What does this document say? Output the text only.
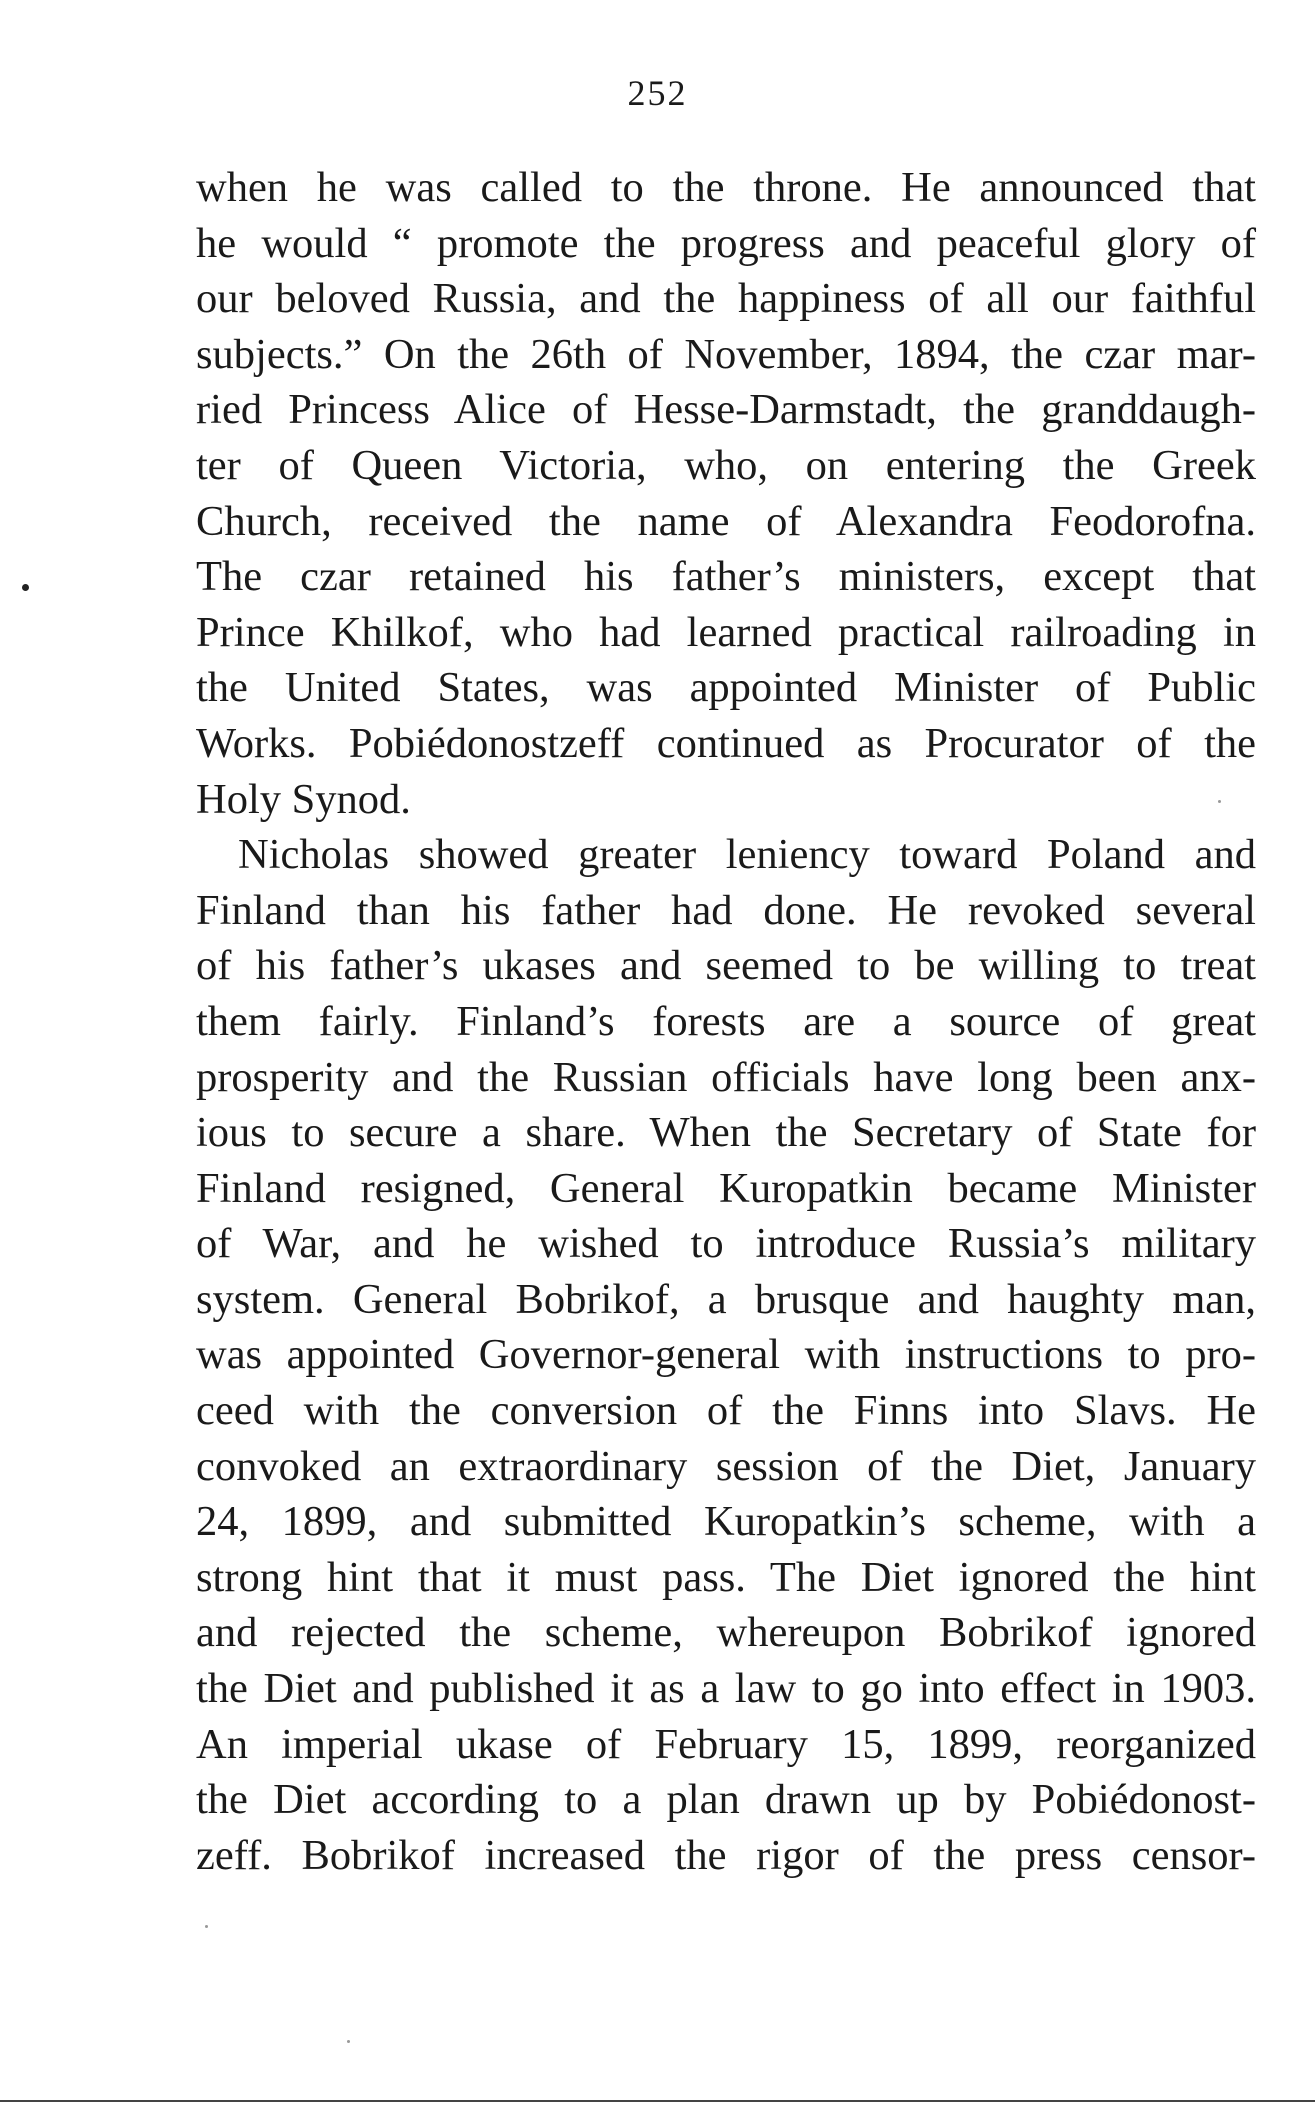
252
when he was called to the throne. He announced that
he would “ promote the progress and peaceful glory of
our beloved Russia, and the happiness of all our faithful
subjects.” On the 26th of November, 1894, the czar mar-
ried Princess Alice of Hesse-Darmstadt, the granddaugh-
ter of Queen Victoria, who, on entering the Greek
Church, received the name of Alexandra Feodorofna.
The czar retained his father’s ministers, except that
Prince Khilkof, who had learned practical railroading in
the United States, was appointed Minister of Public
Works. Pobiédonostzeff continued as Procurator of the
Holy Synod.
Nicholas showed greater leniency toward Poland and
Finland than his father had done. He revoked several
of his father’s ukases and seemed to be willing to treat
them fairly. Finland’s forests are a source of great
prosperity and the Russian officials have long been anx-
ious to secure a share. When the Secretary of State for
Finland resigned, General Kuropatkin became Minister
of War, and he wished to introduce Russia’s military
system. General Bobrikof, a brusque and haughty man,
was appointed Governor-general with instructions to pro-
ceed with the conversion of the Finns into Slavs. He
convoked an extraordinary session of the Diet, January
24, 1899, and submitted Kuropatkin’s scheme, with a
strong hint that it must pass. The Diet ignored the hint
and rejected the scheme, whereupon Bobrikof ignored
the Diet and published it as a law to go into effect in 1903.
An imperial ukase of February 15, 1899, reorganized
the Diet according to a plan drawn up by Pobiédonost-
zeff. Bobrikof increased the rigor of the press censor-
